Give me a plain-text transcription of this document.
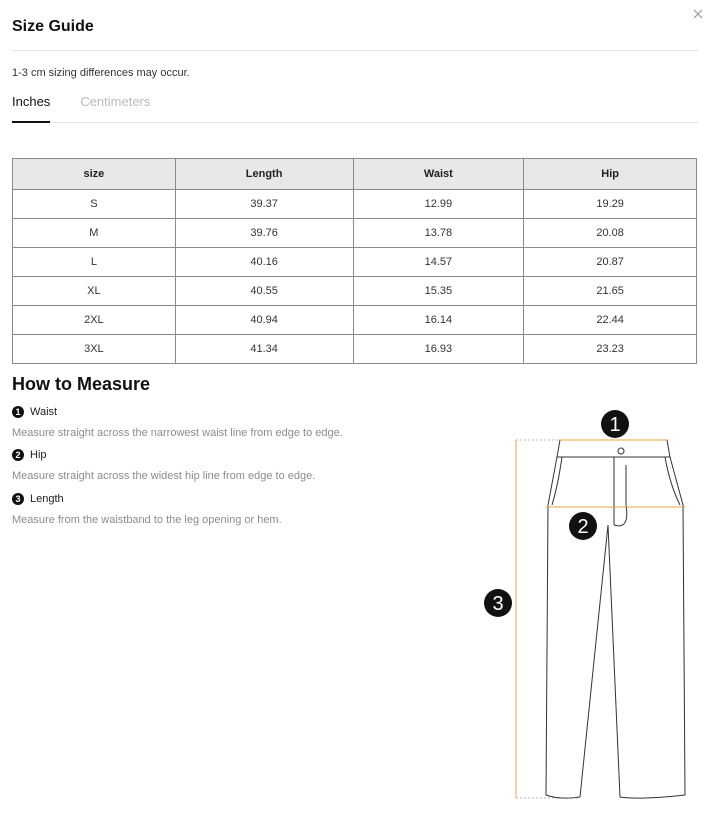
Size Guide
1-3 cm sizing differences may occur.
Inches Centimeters
size	Length	Waist	Hip
S	39.37	12.99	19.29
M	39.76	13.78	20.08
L	40.16	14.57	20.87
XL	40.55	15.35	21.65
2XL	40.94	16.14	22.44
3XL	41.34	16.93	23.23
How to Measure
1 Waist
Measure straight across the narrowest waist line from edge to edge.
2 Hip
Measure straight across the widest hip line from edge to edge.
3 Length
Measure from the waistband to the leg opening or hem.
1
2
3
